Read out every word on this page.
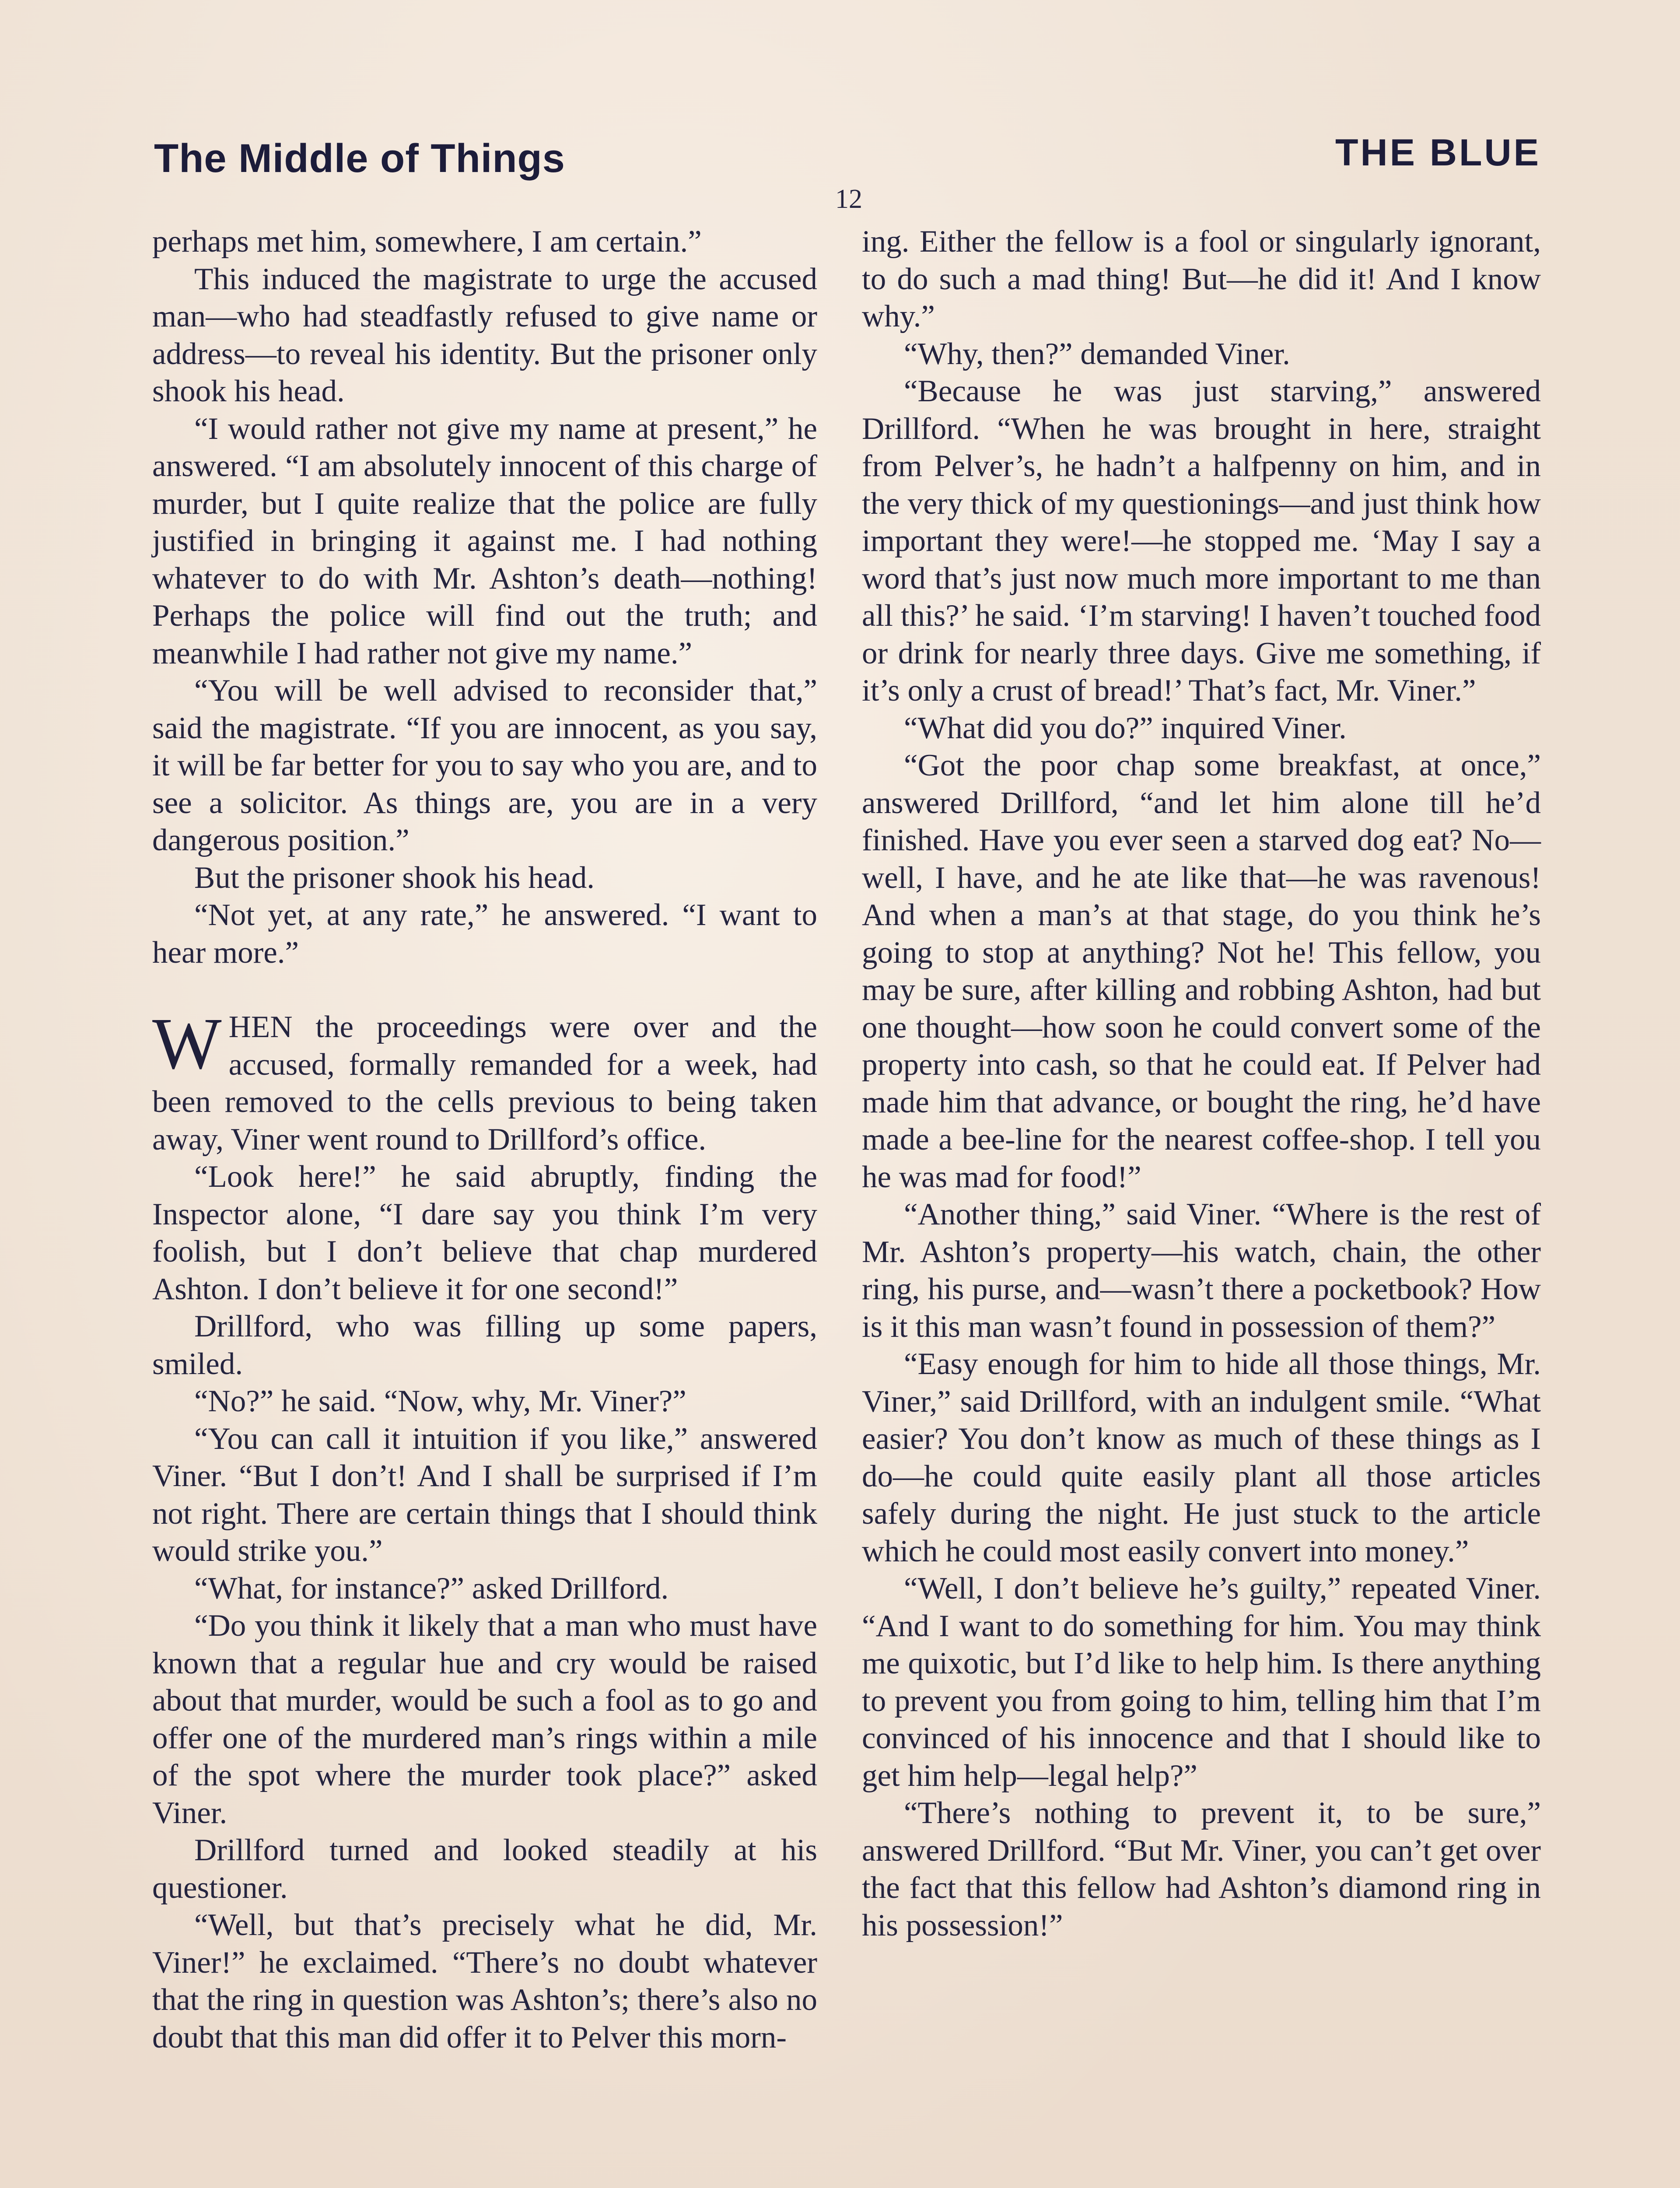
The Middle of Things	THE BLUE
12

perhaps met him, somewhere, I am certain.”

This induced the magistrate to urge the accused man—who had steadfastly refused to give name or address—to reveal his identity. But the prisoner only shook his head.

“I would rather not give my name at present,” he answered. “I am absolutely innocent of this charge of murder, but I quite realize that the police are fully justified in bringing it against me. I had nothing whatever to do with Mr. Ashton’s death—nothing! Perhaps the police will find out the truth; and meanwhile I had rather not give my name.”

“You will be well advised to reconsider that,” said the magistrate. “If you are innocent, as you say, it will be far better for you to say who you are, and to see a solicitor. As things are, you are in a very dangerous position.”

But the prisoner shook his head.

“Not yet, at any rate,” he answered. “I want to hear more.”

WHEN the proceedings were over and the accused, formally remanded for a week, had been removed to the cells previous to being taken away, Viner went round to Drillford’s office.

“Look here!” he said abruptly, finding the Inspector alone, “I dare say you think I’m very foolish, but I don’t believe that chap murdered Ashton. I don’t believe it for one second!”

Drillford, who was filling up some papers, smiled.

“No?” he said. “Now, why, Mr. Viner?”

“You can call it intuition if you like,” answered Viner. “But I don’t! And I shall be surprised if I’m not right. There are certain things that I should think would strike you.”

“What, for instance?” asked Drillford.

“Do you think it likely that a man who must have known that a regular hue and cry would be raised about that murder, would be such a fool as to go and offer one of the murdered man’s rings within a mile of the spot where the murder took place?” asked Viner.

Drillford turned and looked steadily at his questioner.

“Well, but that’s precisely what he did, Mr. Viner!” he exclaimed. “There’s no doubt whatever that the ring in question was Ashton’s; there’s also no doubt that this man did offer it to Pelver this morn-

ing. Either the fellow is a fool or singularly ignorant, to do such a mad thing! But—he did it! And I know why.”

“Why, then?” demanded Viner.

“Because he was just starving,” answered Drillford. “When he was brought in here, straight from Pelver’s, he hadn’t a halfpenny on him, and in the very thick of my questionings—and just think how important they were!—he stopped me. ‘May I say a word that’s just now much more important to me than all this?’ he said. ‘I’m starving! I haven’t touched food or drink for nearly three days. Give me something, if it’s only a crust of bread!’ That’s fact, Mr. Viner.”

“What did you do?” inquired Viner.

“Got the poor chap some breakfast, at once,” answered Drillford, “and let him alone till he’d finished. Have you ever seen a starved dog eat? No—well, I have, and he ate like that—he was ravenous! And when a man’s at that stage, do you think he’s going to stop at anything? Not he! This fellow, you may be sure, after killing and robbing Ashton, had but one thought—how soon he could convert some of the property into cash, so that he could eat. If Pelver had made him that advance, or bought the ring, he’d have made a bee-line for the nearest coffee-shop. I tell you he was mad for food!”

“Another thing,” said Viner. “Where is the rest of Mr. Ashton’s property—his watch, chain, the other ring, his purse, and—wasn’t there a pocketbook? How is it this man wasn’t found in possession of them?”

“Easy enough for him to hide all those things, Mr. Viner,” said Drillford, with an indulgent smile. “What easier? You don’t know as much of these things as I do—he could quite easily plant all those articles safely during the night. He just stuck to the article which he could most easily convert into money.”

“Well, I don’t believe he’s guilty,” repeated Viner. “And I want to do something for him. You may think me quixotic, but I’d like to help him. Is there anything to prevent you from going to him, telling him that I’m convinced of his innocence and that I should like to get him help—legal help?”

“There’s nothing to prevent it, to be sure,” answered Drillford. “But Mr. Viner, you can’t get over the fact that this fellow had Ashton’s diamond ring in his possession!”
